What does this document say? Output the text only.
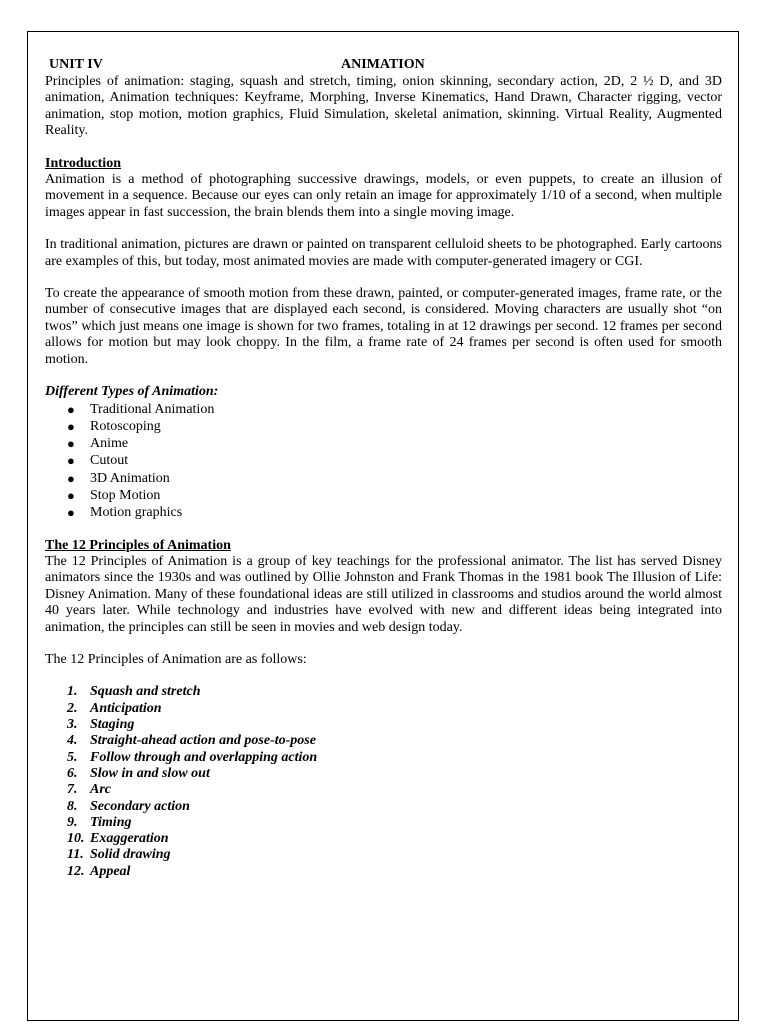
UNIT IV	ANIMATION

Principles of animation: staging, squash and stretch, timing, onion skinning, secondary action, 2D, 2 ½ D, and 3D animation, Animation techniques: Keyframe, Morphing, Inverse Kinematics, Hand Drawn, Character rigging, vector animation, stop motion, motion graphics, Fluid Simulation, skeletal animation, skinning. Virtual Reality, Augmented Reality.

Introduction

Animation is a method of photographing successive drawings, models, or even puppets, to create an illusion of movement in a sequence. Because our eyes can only retain an image for approximately 1/10 of a second, when multiple images appear in fast succession, the brain blends them into a single moving image.

In traditional animation, pictures are drawn or painted on transparent celluloid sheets to be photographed. Early cartoons are examples of this, but today, most animated movies are made with computer-generated imagery or CGI.

To create the appearance of smooth motion from these drawn, painted, or computer-generated images, frame rate, or the number of consecutive images that are displayed each second, is considered. Moving characters are usually shot “on twos” which just means one image is shown for two frames, totaling in at 12 drawings per second. 12 frames per second allows for motion but may look choppy. In the film, a frame rate of 24 frames per second is often used for smooth motion.

Different Types of Animation:

● Traditional Animation
● Rotoscoping
● Anime
● Cutout
● 3D Animation
● Stop Motion
● Motion graphics

The 12 Principles of Animation

The 12 Principles of Animation is a group of key teachings for the professional animator. The list has served Disney animators since the 1930s and was outlined by Ollie Johnston and Frank Thomas in the 1981 book The Illusion of Life: Disney Animation. Many of these foundational ideas are still utilized in classrooms and studios around the world almost 40 years later. While technology and industries have evolved with new and different ideas being integrated into animation, the principles can still be seen in movies and web design today.

The 12 Principles of Animation are as follows:

1. Squash and stretch
2. Anticipation
3. Staging
4. Straight-ahead action and pose-to-pose
5. Follow through and overlapping action
6. Slow in and slow out
7. Arc
8. Secondary action
9. Timing
10. Exaggeration
11. Solid drawing
12. Appeal
